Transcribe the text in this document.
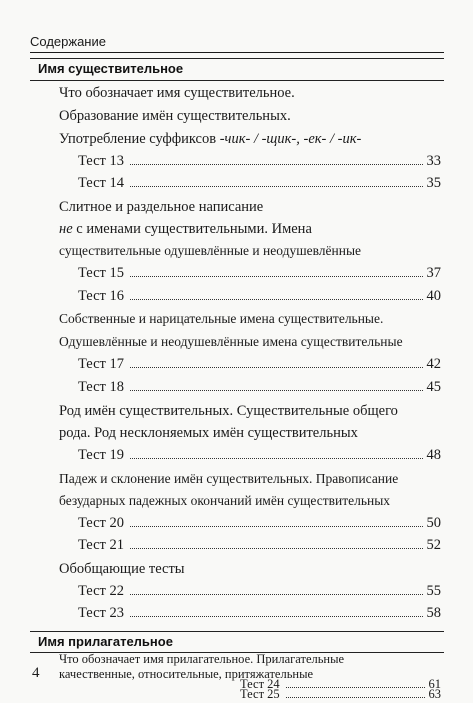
Содержание
Имя существительное
Что обозначает имя существительное.
Образование имён существительных.
Употребление суффиксов -чик- / -щик-, -ек- / -ик-
Тест 13	33
Тест 14	35
Слитное и раздельное написание
не с именами существительными. Имена
существительные одушевлённые и неодушевлённые
Тест 15	37
Тест 16	40
Собственные и нарицательные имена существительные.
Одушевлённые и неодушевлённые имена существительные
Тест 17	42
Тест 18	45
Род имён существительных. Существительные общего
рода. Род несклоняемых имён существительных
Тест 19	48
Падеж и склонение имён существительных. Правописание
безударных падежных окончаний имён существительных
Тест 20	50
Тест 21	52
Обобщающие тесты
Тест 22	55
Тест 23	58
Имя прилагательное
4
Что обозначает имя прилагательное. Прилагательные
качественные, относительные, притяжательные
Тест 24	61
Тест 25	63
